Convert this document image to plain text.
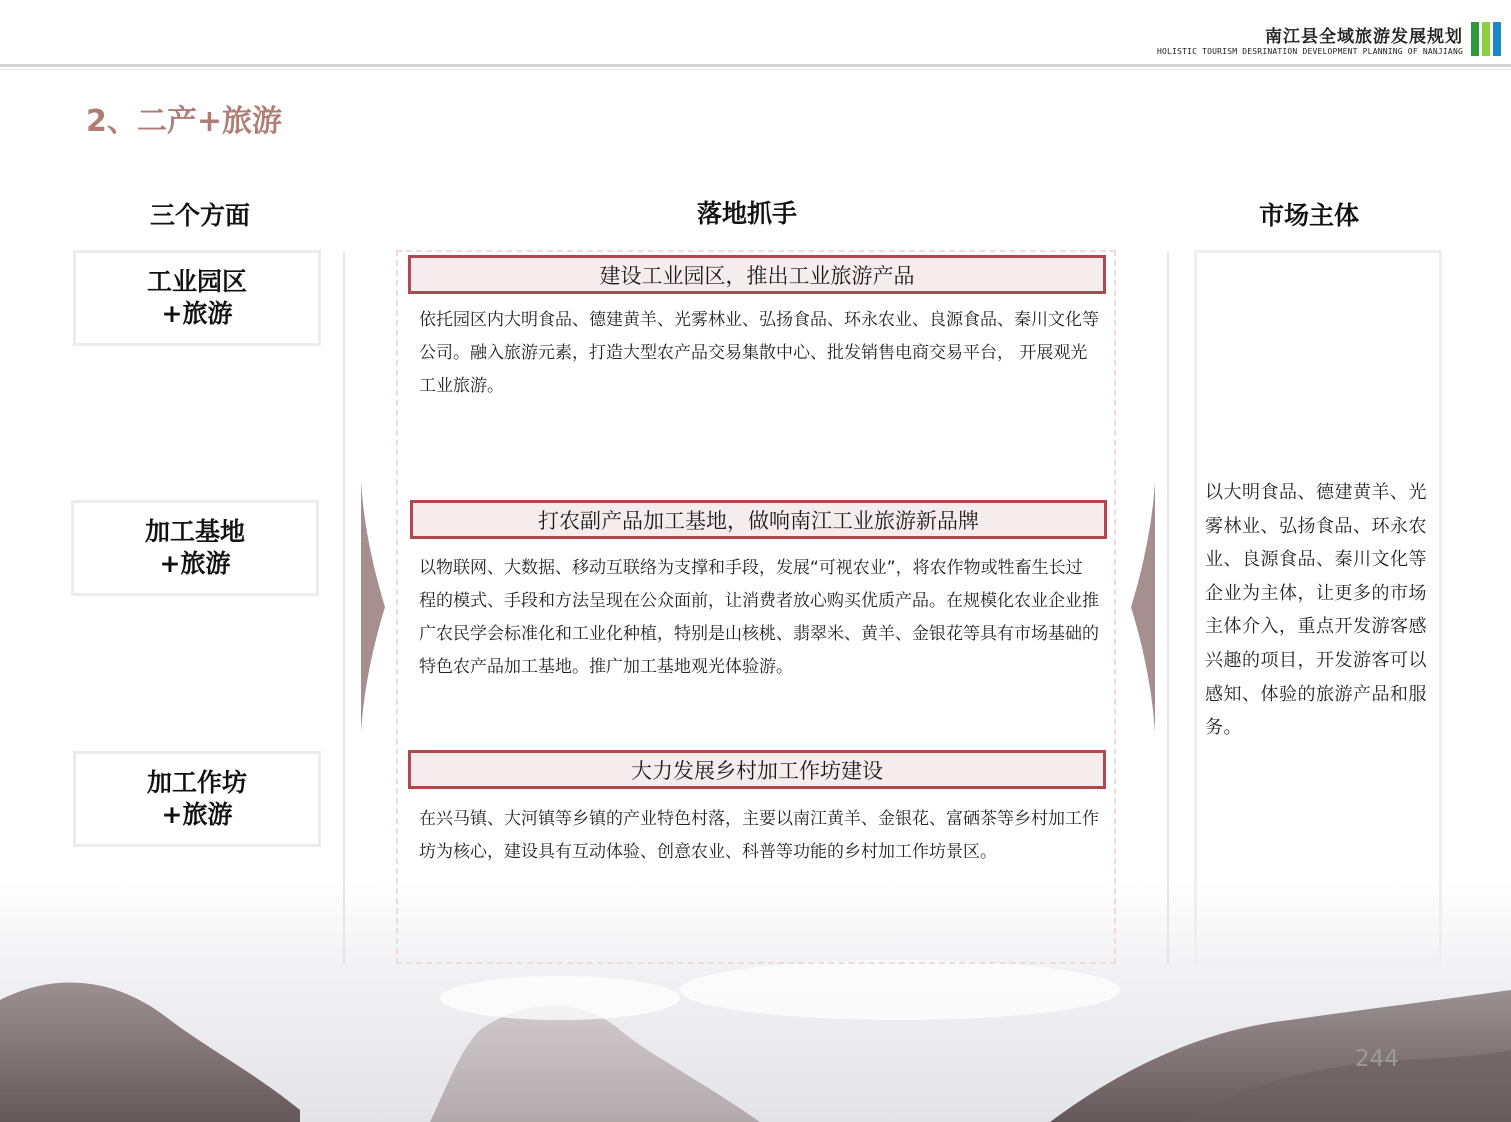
南江县全域旅游发展规划
HOLISTIC TOURISM DESRINATION DEVELOPMENT PLANNING OF NANJIANG
2、二产+旅游
三个方面	落地抓手	市场主体
工业园区
+旅游
加工基地
+旅游
加工作坊
+旅游
建设工业园区，推出工业旅游产品
依托园区内大明食品、德建黄羊、光雾林业、弘扬食品、环永农业、良源食品、秦川文化等公司。融入旅游元素，打造大型农产品交易集散中心、批发销售电商交易平台， 开展观光工业旅游。
打农副产品加工基地，做响南江工业旅游新品牌
以物联网、大数据、移动互联络为支撑和手段，发展“可视农业”，将农作物或牲畜生长过程的模式、手段和方法呈现在公众面前，让消费者放心购买优质产品。在规模化农业企业推广农民学会标准化和工业化种植，特别是山核桃、翡翠米、黄羊、金银花等具有市场基础的特色农产品加工基地。推广加工基地观光体验游。
大力发展乡村加工作坊建设
在兴马镇、大河镇等乡镇的产业特色村落，主要以南江黄羊、金银花、富硒茶等乡村加工作坊为核心，建设具有互动体验、创意农业、科普等功能的乡村加工作坊景区。
以大明食品、德建黄羊、光雾林业、弘扬食品、环永农业、良源食品、秦川文化等企业为主体，让更多的市场主体介入，重点开发游客感兴趣的项目，开发游客可以感知、体验的旅游产品和服务。
244
